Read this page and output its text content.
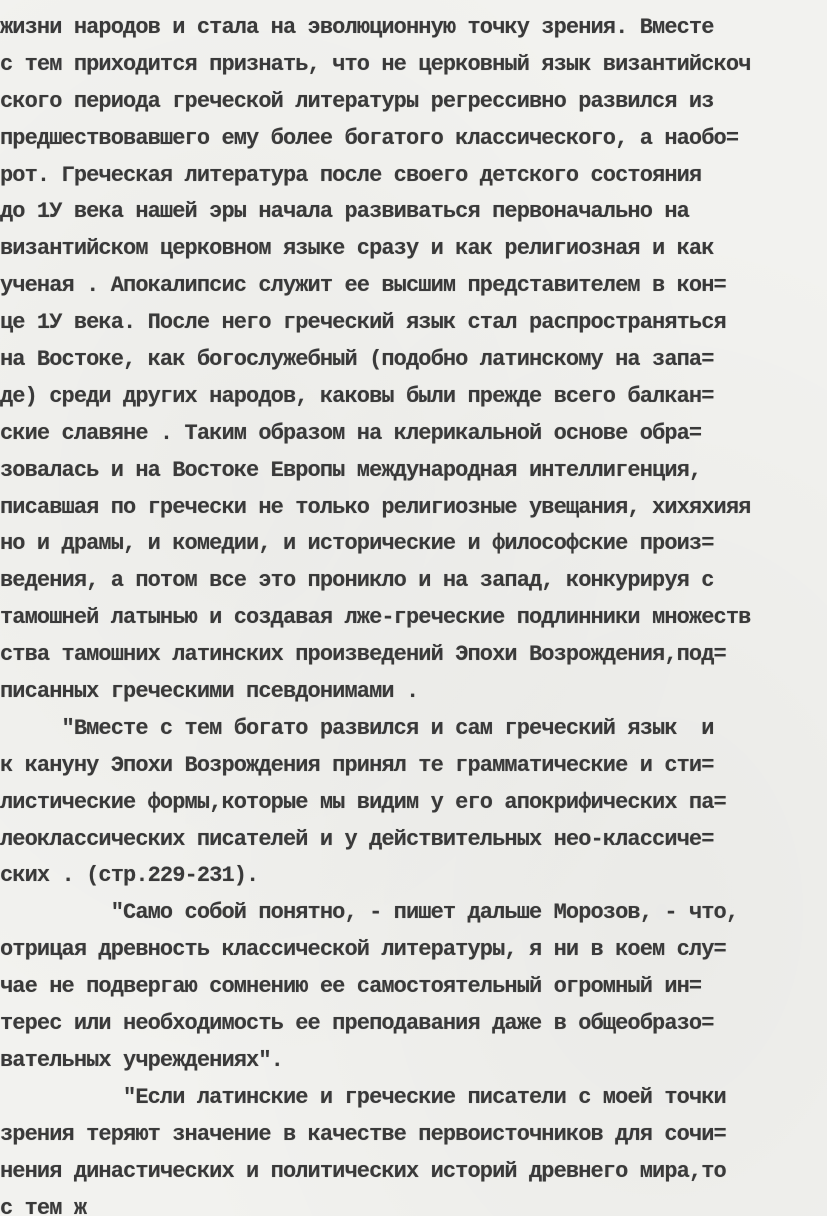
жизни народов и стала на эволюционную точку зрения. Вместе
с тем приходится признать, что не церковный язык византийскоч
ского периода греческой литературы регрессивно развился из
предшествовавшего ему более богатого классического, а наобо=
рот. Греческая литература после своего детского состояния
до 1У века нашей эры начала развиваться первоначально на
византийском церковном языке сразу и как религиозная и как
ученая . Апокалипсис служит ее высшим представителем в кон=
це 1У века. После него греческий язык стал распространяться
на Востоке, как богослужебный (подобно латинскому на запа=
де) среди других народов, каковы были прежде всего балкан=
ские славяне . Таким образом на клерикальной основе обра=
зовалась и на Востоке Европы международная интеллигенция,
писавшая по гречески не только религиозные увещания, хихяхияя
но и драмы, и комедии, и исторические и философские произ=
ведения, а потом все это проникло и на запад, конкурируя с
тамошней латынью и создавая лже-греческие подлинники множеств
ства тамошних латинских произведений Эпохи Возрождения,под=
писанных греческими псевдонимами .
"Вместе с тем богато развился и сам греческий язык  и
к кануну Эпохи Возрождения принял те грамматические и сти=
листические формы,которые мы видим у его апокрифических па=
леоклассических писателей и у действительных нео-классиче=
ских . (стр.229-231).
"Само собой понятно, - пишет дальше Морозов, - что,
отрицая древность классической литературы, я ни в коем слу=
чае не подвергаю сомнению ее самостоятельный огромный ин=
терес или необходимость ее преподавания даже в общеобразо=
вательных учреждениях".
"Если латинские и греческие писатели с моей точки
зрения теряют значение в качестве первоисточников для сочи=
нения династических и политических историй древнего мира,то
с тем ж
